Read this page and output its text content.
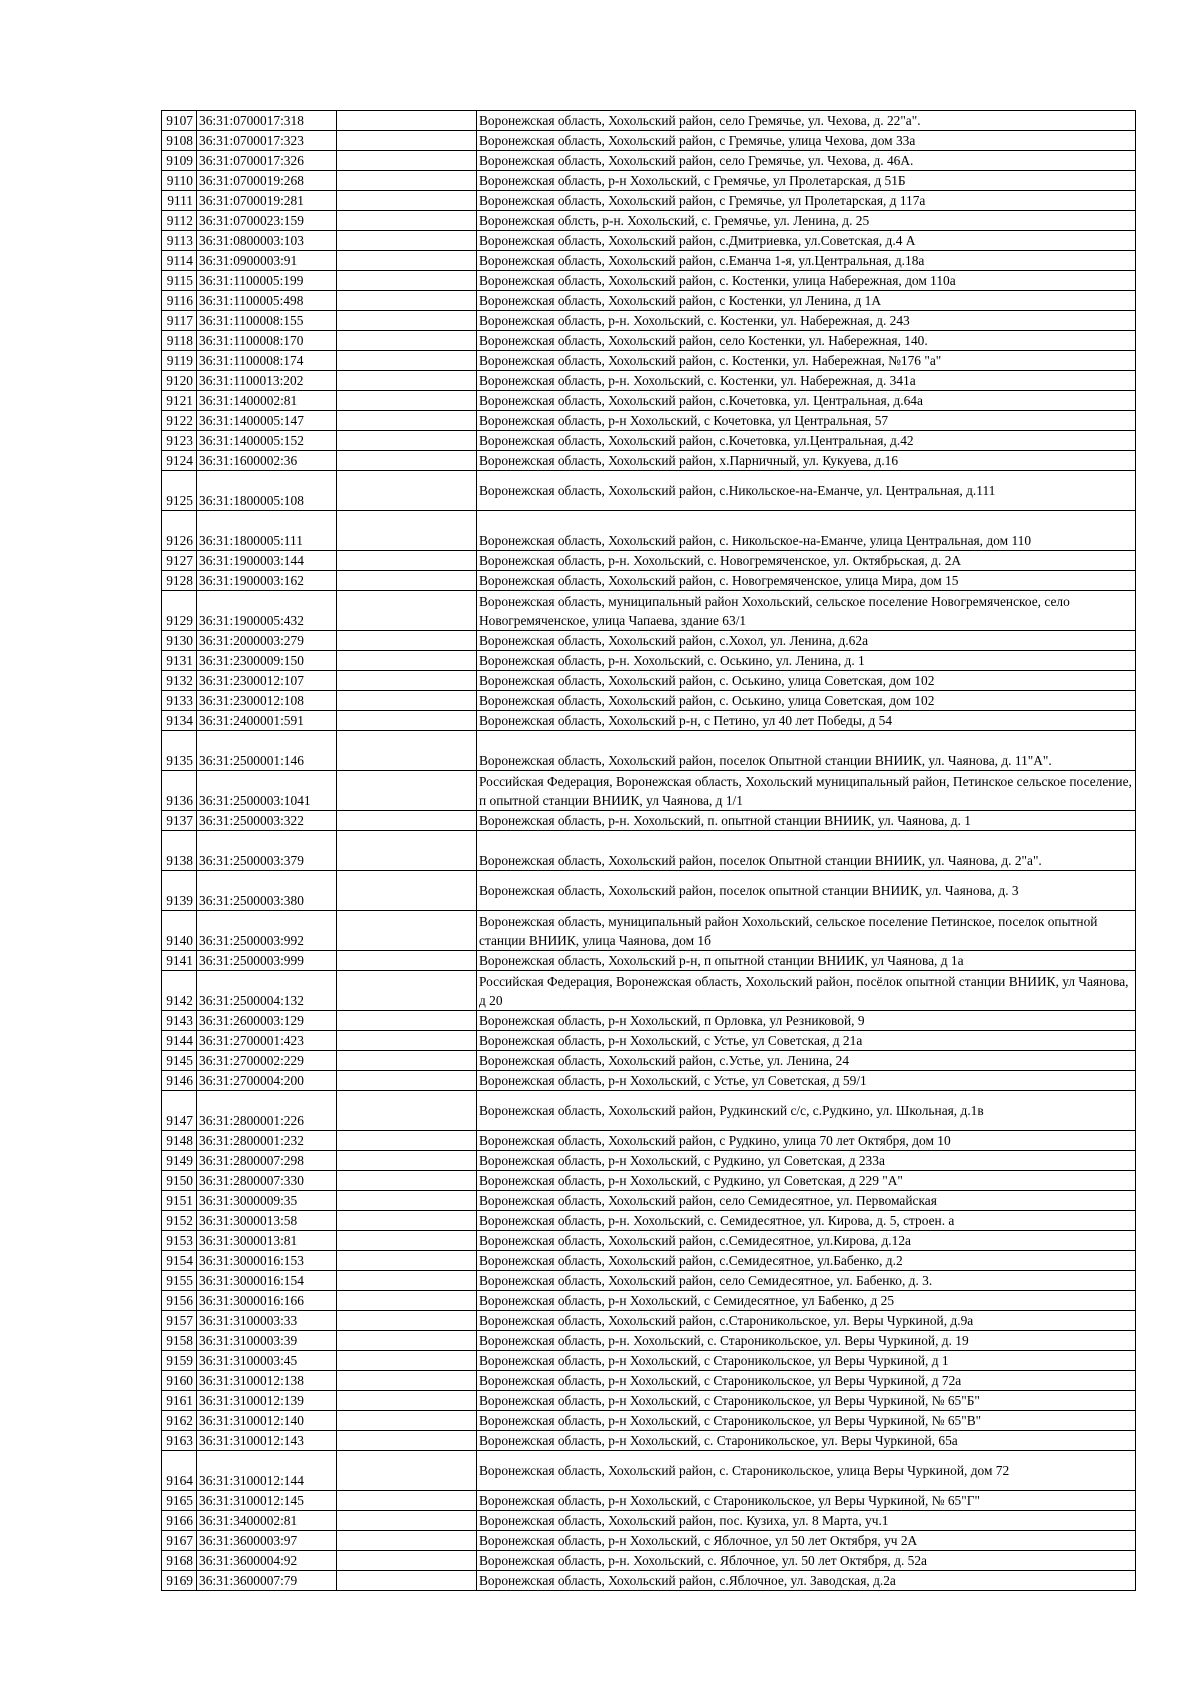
9107	36:31:0700017:318		Воронежская область, Хохольский район, село Гремячье, ул. Чехова, д. 22"а".
9108	36:31:0700017:323		Воронежская область, Хохольский район, с Гремячье, улица Чехова, дом 33а
9109	36:31:0700017:326		Воронежская область, Хохольский район, село Гремячье, ул. Чехова, д. 46А.
9110	36:31:0700019:268		Воронежская область, р-н Хохольский, с Гремячье, ул Пролетарская, д 51Б
9111	36:31:0700019:281		Воронежская область, Хохольский район, с Гремячье, ул Пролетарская, д 117а
9112	36:31:0700023:159		Воронежская облсть, р-н. Хохольский, с. Гремячье, ул. Ленина, д. 25
9113	36:31:0800003:103		Воронежская область, Хохольский район, с.Дмитриевка, ул.Советская, д.4 А
9114	36:31:0900003:91		Воронежская область, Хохольский район, с.Еманча 1-я, ул.Центральная, д.18а
9115	36:31:1100005:199		Воронежская область, Хохольский район, с. Костенки, улица Набережная, дом 110а
9116	36:31:1100005:498		Воронежская область, Хохольский район, с Костенки, ул Ленина, д 1А
9117	36:31:1100008:155		Воронежская область, р-н. Хохольский, с. Костенки, ул. Набережная, д. 243
9118	36:31:1100008:170		Воронежская область, Хохольский район, село Костенки, ул. Набережная, 140.
9119	36:31:1100008:174		Воронежская область, Хохольский район, с. Костенки, ул. Набережная, №176 "а"
9120	36:31:1100013:202		Воронежская область, р-н. Хохольский, с. Костенки, ул. Набережная, д. 341а
9121	36:31:1400002:81		Воронежская область, Хохольский район, с.Кочетовка, ул. Центральная, д.64а
9122	36:31:1400005:147		Воронежская область, р-н Хохольский, с Кочетовка, ул Центральная, 57
9123	36:31:1400005:152		Воронежская область, Хохольский район, с.Кочетовка, ул.Центральная, д.42
9124	36:31:1600002:36		Воронежская область, Хохольский район, х.Парничный, ул. Кукуева, д.16
9125	36:31:1800005:108		Воронежская область, Хохольский район, с.Никольское-на-Еманче, ул. Центральная, д.111
9126	36:31:1800005:111		Воронежская область, Хохольский район, с. Никольское-на-Еманче, улица Центральная, дом 110
9127	36:31:1900003:144		Воронежская область, р-н. Хохольский, с. Новогремяченское, ул. Октябрьская, д. 2А
9128	36:31:1900003:162		Воронежская область, Хохольский район, с. Новогремяченское, улица Мира, дом 15
9129	36:31:1900005:432		Воронежская область, муниципальный район Хохольский, сельское поселение Новогремяченское, село Новогремяченское, улица Чапаева, здание 63/1
9130	36:31:2000003:279		Воронежская область, Хохольский район, с.Хохол, ул. Ленина, д.62а
9131	36:31:2300009:150		Воронежская область, р-н. Хохольский, с. Оськино, ул. Ленина, д. 1
9132	36:31:2300012:107		Воронежская область, Хохольский район, с. Оськино, улица Советская, дом 102
9133	36:31:2300012:108		Воронежская область, Хохольский район, с. Оськино, улица Советская, дом 102
9134	36:31:2400001:591		Воронежская область, Хохольский р-н, с Петино, ул 40 лет Победы, д 54
9135	36:31:2500001:146		Воронежская область, Хохольский район, поселок Опытной станции ВНИИК, ул. Чаянова, д. 11"А".
9136	36:31:2500003:1041		Российская Федерация, Воронежская область, Хохольский муниципальный район, Петинское сельское поселение, п опытной станции ВНИИК, ул Чаянова, д 1/1
9137	36:31:2500003:322		Воронежская область, р-н. Хохольский, п. опытной станции ВНИИК, ул. Чаянова, д. 1
9138	36:31:2500003:379		Воронежская область, Хохольский район, поселок Опытной станции ВНИИК, ул. Чаянова, д. 2"а".
9139	36:31:2500003:380		Воронежская область, Хохольский район, поселок опытной станции ВНИИК, ул. Чаянова, д. 3
9140	36:31:2500003:992		Воронежская область, муниципальный район Хохольский, сельское поселение Петинское, поселок опытной станции ВНИИК, улица Чаянова, дом 1б
9141	36:31:2500003:999		Воронежская область, Хохольский р-н, п опытной станции ВНИИК, ул Чаянова, д 1а
9142	36:31:2500004:132		Российская Федерация, Воронежская область, Хохольский район, посёлок опытной станции ВНИИК, ул Чаянова, д 20
9143	36:31:2600003:129		Воронежская область, р-н Хохольский, п Орловка, ул Резниковой, 9
9144	36:31:2700001:423		Воронежская область, р-н Хохольский, с Устье, ул Советская, д 21а
9145	36:31:2700002:229		Воронежская область, Хохольский район, с.Устье, ул. Ленина, 24
9146	36:31:2700004:200		Воронежская область, р-н Хохольский, с Устье, ул Советская, д 59/1
9147	36:31:2800001:226		Воронежская область, Хохольский район, Рудкинский с/с, с.Рудкино, ул. Школьная, д.1в
9148	36:31:2800001:232		Воронежская область, Хохольский район, с Рудкино, улица 70 лет Октября, дом 10
9149	36:31:2800007:298		Воронежская область, р-н Хохольский, с Рудкино, ул Советская, д 233а
9150	36:31:2800007:330		Воронежская область, р-н Хохольский, с Рудкино, ул Советская, д 229 "А"
9151	36:31:3000009:35		Воронежская область, Хохольский район, село Семидесятное, ул. Первомайская
9152	36:31:3000013:58		Воронежская область, р-н. Хохольский, с. Семидесятное, ул. Кирова, д. 5, строен. а
9153	36:31:3000013:81		Воронежская область, Хохольский район, с.Семидесятное, ул.Кирова, д.12а
9154	36:31:3000016:153		Воронежская область, Хохольский район, с.Семидесятное, ул.Бабенко, д.2
9155	36:31:3000016:154		Воронежская область, Хохольский район, село Семидесятное, ул. Бабенко, д. 3.
9156	36:31:3000016:166		Воронежская область, р-н Хохольский, с Семидесятное, ул Бабенко, д 25
9157	36:31:3100003:33		Воронежская область, Хохольский район, с.Староникольское, ул. Веры Чуркиной, д.9а
9158	36:31:3100003:39		Воронежская область, р-н. Хохольский, с. Староникольское, ул. Веры Чуркиной, д. 19
9159	36:31:3100003:45		Воронежская область, р-н Хохольский, с Староникольское, ул Веры Чуркиной, д 1
9160	36:31:3100012:138		Воронежская область, р-н Хохольский, с Староникольское, ул Веры Чуркиной, д 72а
9161	36:31:3100012:139		Воронежская область, р-н Хохольский, с Староникольское, ул Веры Чуркиной, № 65"Б"
9162	36:31:3100012:140		Воронежская область, р-н Хохольский, с Староникольское, ул Веры Чуркиной, № 65"В"
9163	36:31:3100012:143		Воронежская область, р-н Хохольский, с. Староникольское, ул. Веры Чуркиной, 65а
9164	36:31:3100012:144		Воронежская область, Хохольский район, с. Староникольское, улица Веры Чуркиной, дом 72
9165	36:31:3100012:145		Воронежская область, р-н Хохольский, с Староникольское, ул Веры Чуркиной, № 65"Г"
9166	36:31:3400002:81		Воронежская область, Хохольский район, пос. Кузиха, ул. 8 Марта, уч.1
9167	36:31:3600003:97		Воронежская область, р-н Хохольский, с Яблочное, ул 50 лет Октября, уч 2А
9168	36:31:3600004:92		Воронежская область, р-н. Хохольский, с. Яблочное, ул. 50 лет Октября, д. 52а
9169	36:31:3600007:79		Воронежская область, Хохольский район, с.Яблочное, ул. Заводская, д.2а
